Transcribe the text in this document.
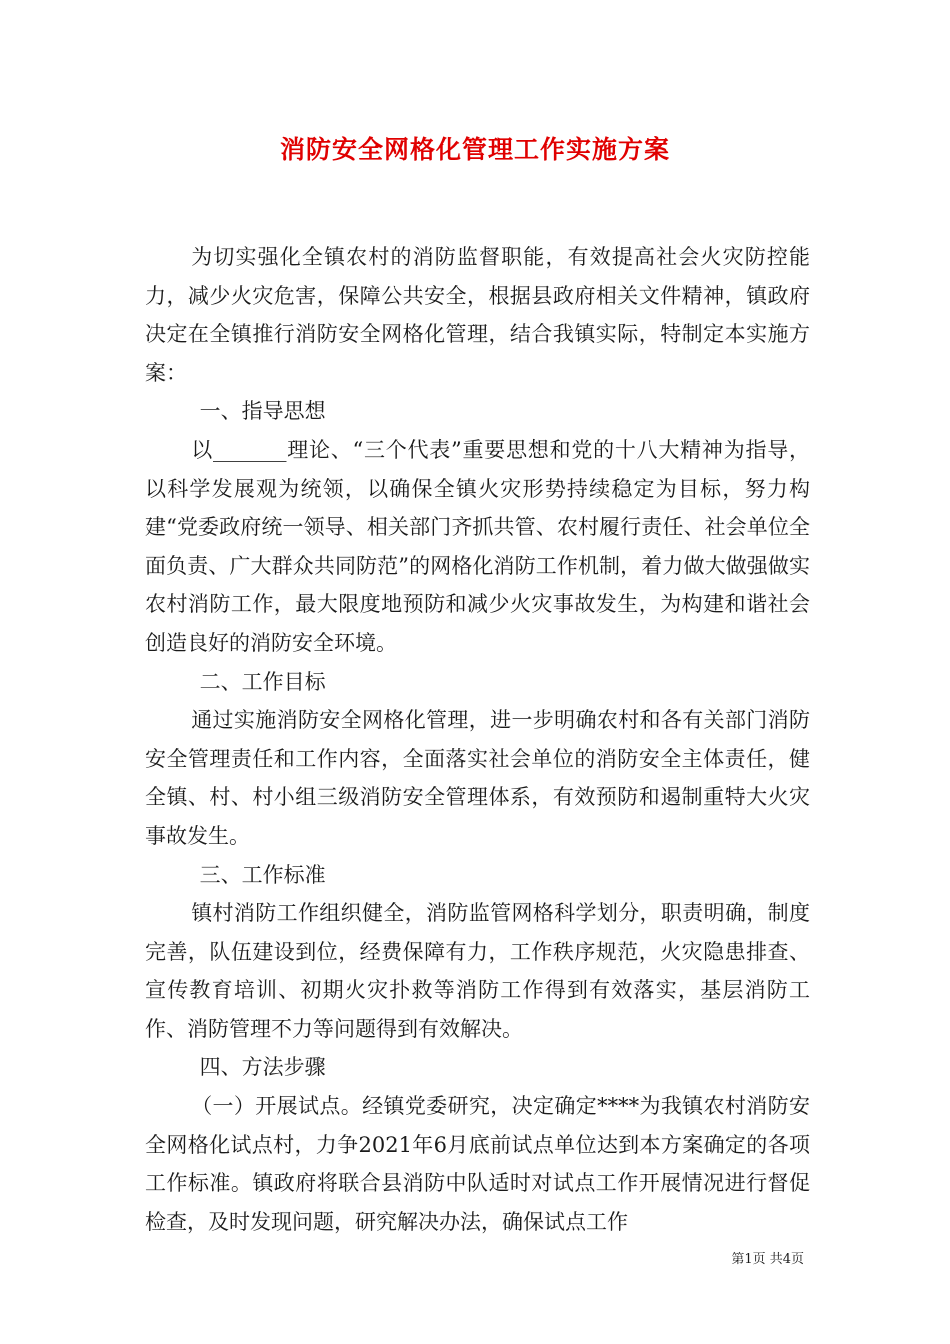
消防安全网格化管理工作实施方案

为切实强化全镇农村的消防监督职能，有效提高社会火灾防控能力，减少火灾危害，保障公共安全，根据县政府相关文件精神，镇政府决定在全镇推行消防安全网格化管理，结合我镇实际，特制定本实施方案：

一、指导思想

以_______理论、“三个代表”重要思想和党的十八大精神为指导，以科学发展观为统领，以确保全镇火灾形势持续稳定为目标，努力构建“党委政府统一领导、相关部门齐抓共管、农村履行责任、社会单位全面负责、广大群众共同防范”的网格化消防工作机制，着力做大做强做实农村消防工作，最大限度地预防和减少火灾事故发生，为构建和谐社会创造良好的消防安全环境。

二、工作目标

通过实施消防安全网格化管理，进一步明确农村和各有关部门消防安全管理责任和工作内容，全面落实社会单位的消防安全主体责任，健全镇、村、村小组三级消防安全管理体系，有效预防和遏制重特大火灾事故发生。

三、工作标准

镇村消防工作组织健全，消防监管网格科学划分，职责明确，制度完善，队伍建设到位，经费保障有力，工作秩序规范，火灾隐患排查、宣传教育培训、初期火灾扑救等消防工作得到有效落实，基层消防工作、消防管理不力等问题得到有效解决。

四、方法步骤

（一）开展试点。经镇党委研究，决定确定****为我镇农村消防安全网格化试点村，力争2021年6月底前试点单位达到本方案确定的各项工作标准。镇政府将联合县消防中队适时对试点工作开展情况进行督促检查，及时发现问题，研究解决办法，确保试点工作

第1页 共4页
